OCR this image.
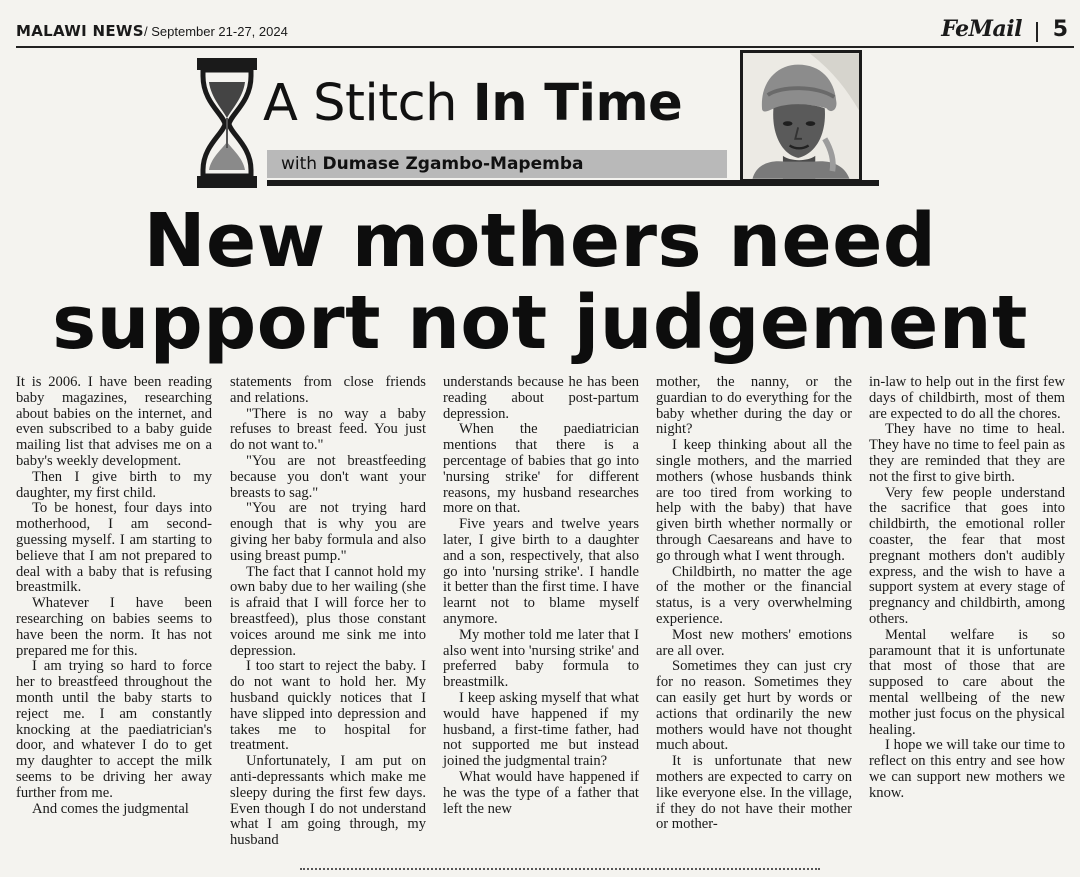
MALAWI NEWS / September 21-27, 2024	FeMail 5
A Stitch In Time
with Dumase Zgambo-Mapemba
New mothers need
support not judgement

It is 2006. I have been reading baby magazines, researching about babies on the internet, and even subscribed to a baby guide mailing list that advises me on a baby's weekly development.

Then I give birth to my daughter, my first child.

To be honest, four days into motherhood, I am second-guessing myself. I am starting to believe that I am not prepared to deal with a baby that is refusing breastmilk.

Whatever I have been researching on babies seems to have been the norm. It has not prepared me for this.

I am trying so hard to force her to breastfeed throughout the month until the baby starts to reject me. I am constantly knocking at the paediatrician's door, and whatever I do to get my daughter to accept the milk seems to be driving her away further from me.

And comes the judgmental

statements from close friends and relations.

"There is no way a baby refuses to breast feed. You just do not want to."

"You are not breastfeeding because you don't want your breasts to sag."

"You are not trying hard enough that is why you are giving her baby formula and also using breast pump."

The fact that I cannot hold my own baby due to her wailing (she is afraid that I will force her to breastfeed), plus those constant voices around me sink me into depression.

I too start to reject the baby. I do not want to hold her. My husband quickly notices that I have slipped into depression and takes me to hospital for treatment.

Unfortunately, I am put on anti-depressants which make me sleepy during the first few days. Even though I do not understand what I am going through, my husband

understands because he has been reading about post-partum depression.

When the paediatrician mentions that there is a percentage of babies that go into 'nursing strike' for different reasons, my husband researches more on that.

Five years and twelve years later, I give birth to a daughter and a son, respectively, that also go into 'nursing strike'. I handle it better than the first time. I have learnt not to blame myself anymore.

My mother told me later that I also went into 'nursing strike' and preferred baby formula to breastmilk.

I keep asking myself that what would have happened if my husband, a first-time father, had not supported me but instead joined the judgmental train?

What would have happened if he was the type of a father that left the new

mother, the nanny, or the guardian to do everything for the baby whether during the day or night?

I keep thinking about all the single mothers, and the married mothers (whose husbands think are too tired from working to help with the baby) that have given birth whether normally or through Caesareans and have to go through what I went through.

Childbirth, no matter the age of the mother or the financial status, is a very overwhelming experience.

Most new mothers' emotions are all over.

Sometimes they can just cry for no reason. Sometimes they can easily get hurt by words or actions that ordinarily the new mothers would have not thought much about.

It is unfortunate that new mothers are expected to carry on like everyone else. In the village, if they do not have their mother or mother-

in-law to help out in the first few days of childbirth, most of them are expected to do all the chores.

They have no time to heal. They have no time to feel pain as they are reminded that they are not the first to give birth.

Very few people understand the sacrifice that goes into childbirth, the emotional roller coaster, the fear that most pregnant mothers don't audibly express, and the wish to have a support system at every stage of pregnancy and childbirth, among others.

Mental welfare is so paramount that it is unfortunate that most of those that are supposed to care about the mental wellbeing of the new mother just focus on the physical healing.

I hope we will take our time to reflect on this entry and see how we can support new mothers we know.
